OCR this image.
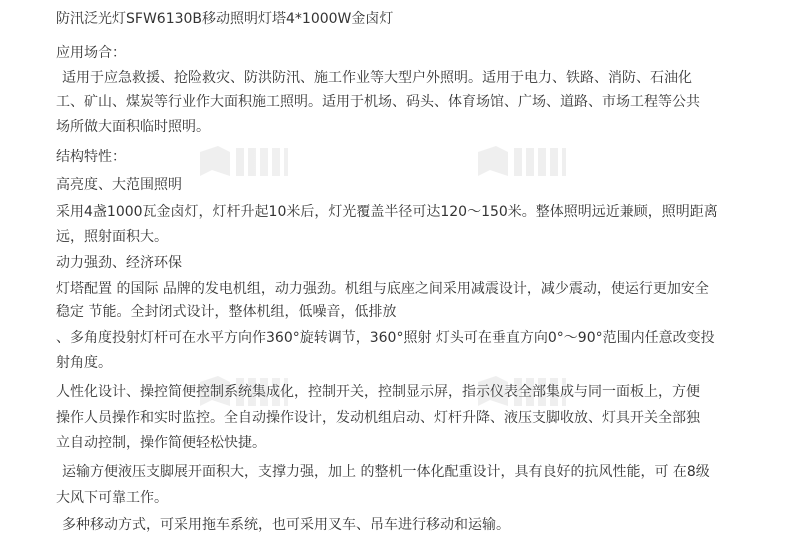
防汛泛光灯SFW6130B移动照明灯塔4*1000W金卤灯
应用场合：
适用于应急救援、抢险救灾、防洪防汛、施工作业等大型户外照明。适用于电力、铁路、消防、石油化
工、矿山、煤炭等行业作大面积施工照明。适用于机场、码头、体育场馆、广场、道路、市场工程等公共
场所做大面积临时照明。
结构特性：
高亮度、大范围照明
采用4盏1000瓦金卤灯，灯杆升起10米后，灯光覆盖半径可达120～150米。整体照明远近兼顾，照明距离
远，照射面积大。
动力强劲、经济环保
灯塔配置 的国际 品牌的发电机组，动力强劲。机组与底座之间采用减震设计，减少震动，使运行更加安全
稳定 节能。全封闭式设计，整体机组，低噪音，低排放
、多角度投射灯杆可在水平方向作360°旋转调节，360°照射 灯头可在垂直方向0°～90°范围内任意改变投
射角度。
人性化设计、操控简便控制系统集成化，控制开关，控制显示屏，指示仪表全部集成与同一面板上，方便
操作人员操作和实时监控。全自动操作设计，发动机组启动、灯杆升降、液压支脚收放、灯具开关全部独
立自动控制，操作简便轻松快捷。
运输方便液压支脚展开面积大，支撑力强，加上 的整机一体化配重设计，具有良好的抗风性能，可 在8级
大风下可靠工作。
多种移动方式，可采用拖车系统，也可采用叉车、吊车进行移动和运输。
